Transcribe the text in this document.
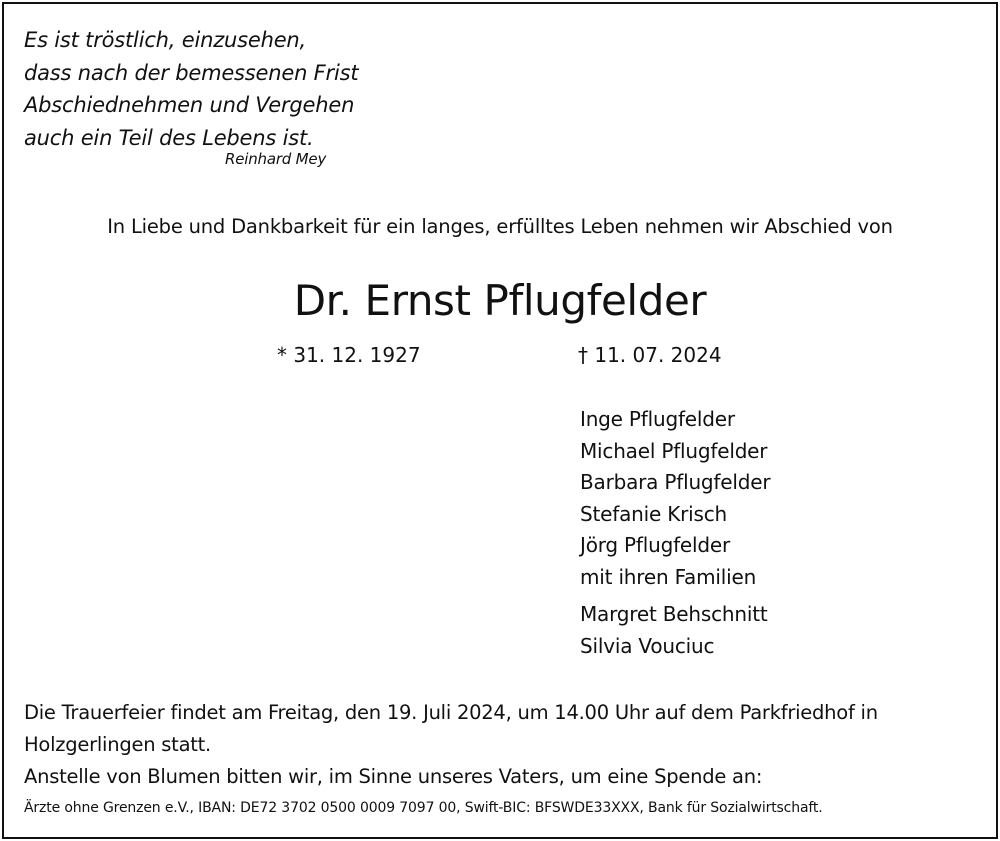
Es ist tröstlich, einzusehen,
dass nach der bemessenen Frist
Abschiednehmen und Vergehen
auch ein Teil des Lebens ist.
Reinhard Mey
In Liebe und Dankbarkeit für ein langes, erfülltes Leben nehmen wir Abschied von
Dr. Ernst Pflugfelder
* 31. 12. 1927	† 11. 07. 2024
Inge Pflugfelder
Michael Pflugfelder
Barbara Pflugfelder
Stefanie Krisch
Jörg Pflugfelder
mit ihren Familien
Margret Behschnitt
Silvia Vouciuc
Die Trauerfeier findet am Freitag, den 19. Juli 2024, um 14.00 Uhr auf dem Parkfriedhof in Holzgerlingen statt.
Anstelle von Blumen bitten wir, im Sinne unseres Vaters, um eine Spende an:
Ärzte ohne Grenzen e.V., IBAN: DE72 3702 0500 0009 7097 00, Swift-BIC: BFSWDE33XXX, Bank für Sozialwirtschaft.
